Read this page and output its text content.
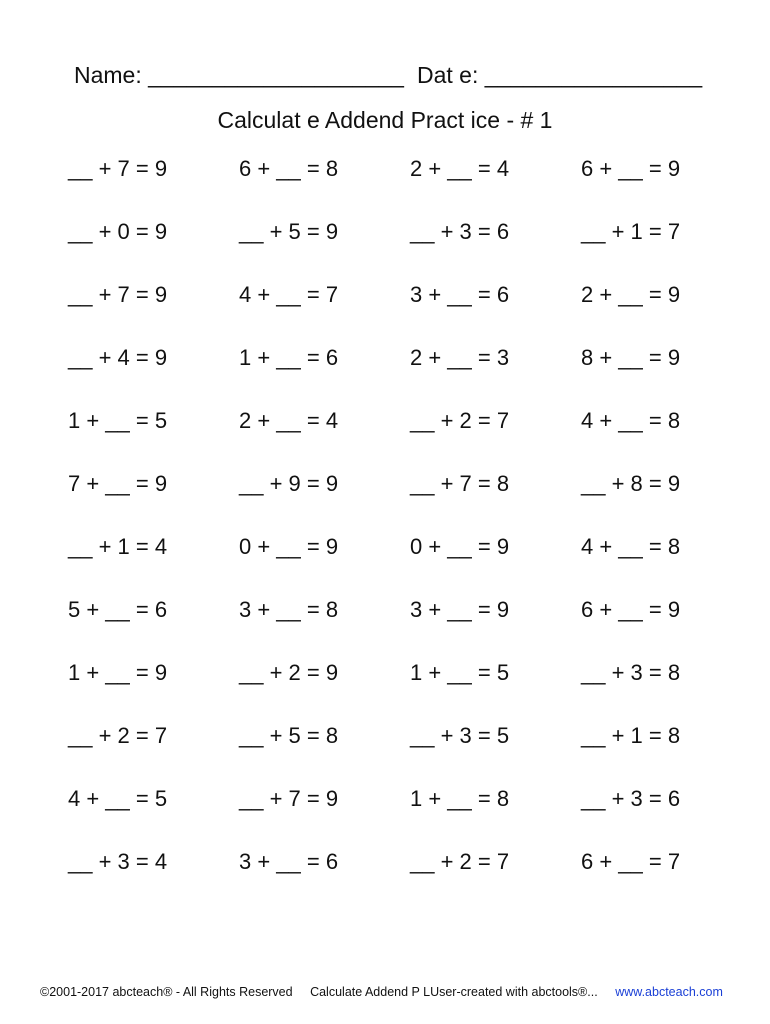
Name: ____________________ Dat e: _________________
Calculat e Addend Pract ice - # 1
__ + 7 = 9	6 + __ = 8	2 + __ = 4	6 + __ = 9
__ + 0 = 9	__ + 5 = 9	__ + 3 = 6	__ + 1 = 7
__ + 7 = 9	4 + __ = 7	3 + __ = 6	2 + __ = 9
__ + 4 = 9	1 + __ = 6	2 + __ = 3	8 + __ = 9
1 + __ = 5	2 + __ = 4	__ + 2 = 7	4 + __ = 8
7 + __ = 9	__ + 9 = 9	__ + 7 = 8	__ + 8 = 9
__ + 1 = 4	0 + __ = 9	0 + __ = 9	4 + __ = 8
5 + __ = 6	3 + __ = 8	3 + __ = 9	6 + __ = 9
1 + __ = 9	__ + 2 = 9	1 + __ = 5	__ + 3 = 8
__ + 2 = 7	__ + 5 = 8	__ + 3 = 5	__ + 1 = 8
4 + __ = 5	__ + 7 = 9	1 + __ = 8	__ + 3 = 6
__ + 3 = 4	3 + __ = 6	__ + 2 = 7	6 + __ = 7
©2001-2017 abcteach® - All Rights Reserved Calculate Addend P LUser-created with abctools®... www.abcteach.com
